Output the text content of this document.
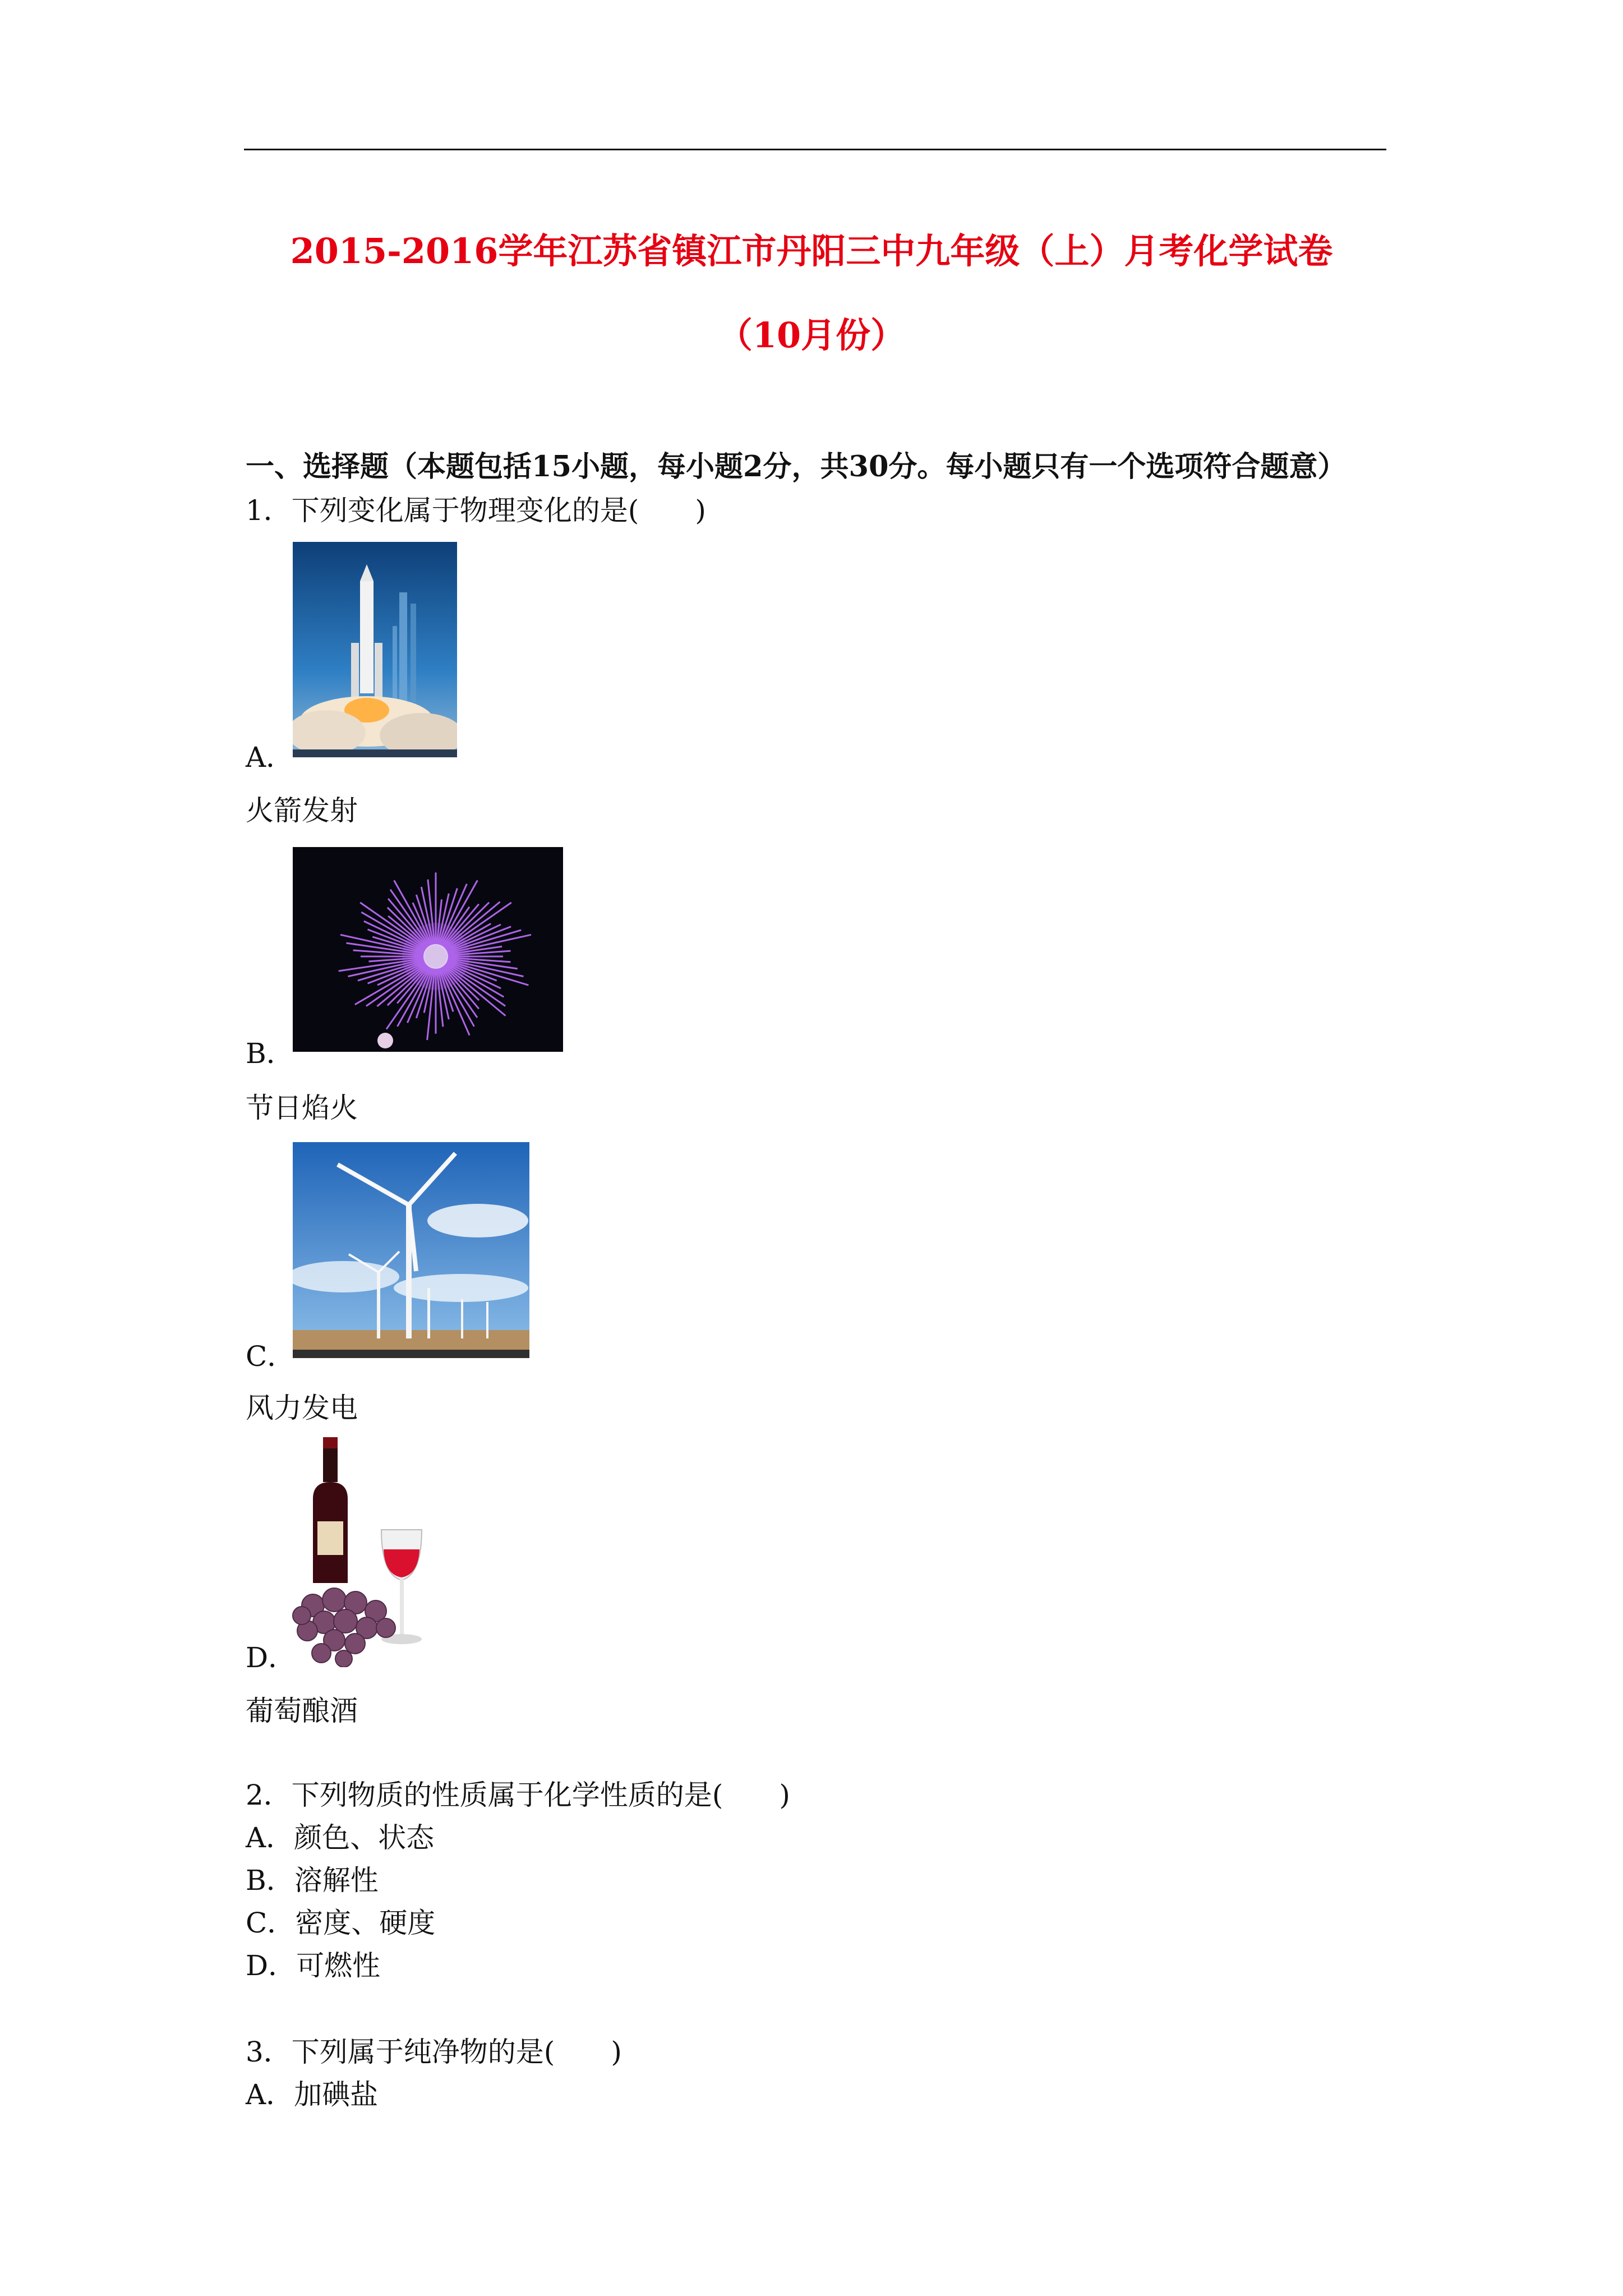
2015-2016学年江苏省镇江市丹阳三中九年级（上）月考化学试卷
（10月份）
一、选择题（本题包括15小题，每小题2分，共30分。每小题只有一个选项符合题意）
1．下列变化属于物理变化的是(　　)
A．
火箭发射
B．
节日焰火
C．
风力发电
D．
葡萄酿酒
2．下列物质的性质属于化学性质的是(　　)
A．颜色、状态
B．溶解性
C．密度、硬度
D．可燃性
3．下列属于纯净物的是(　　)
A．加碘盐
